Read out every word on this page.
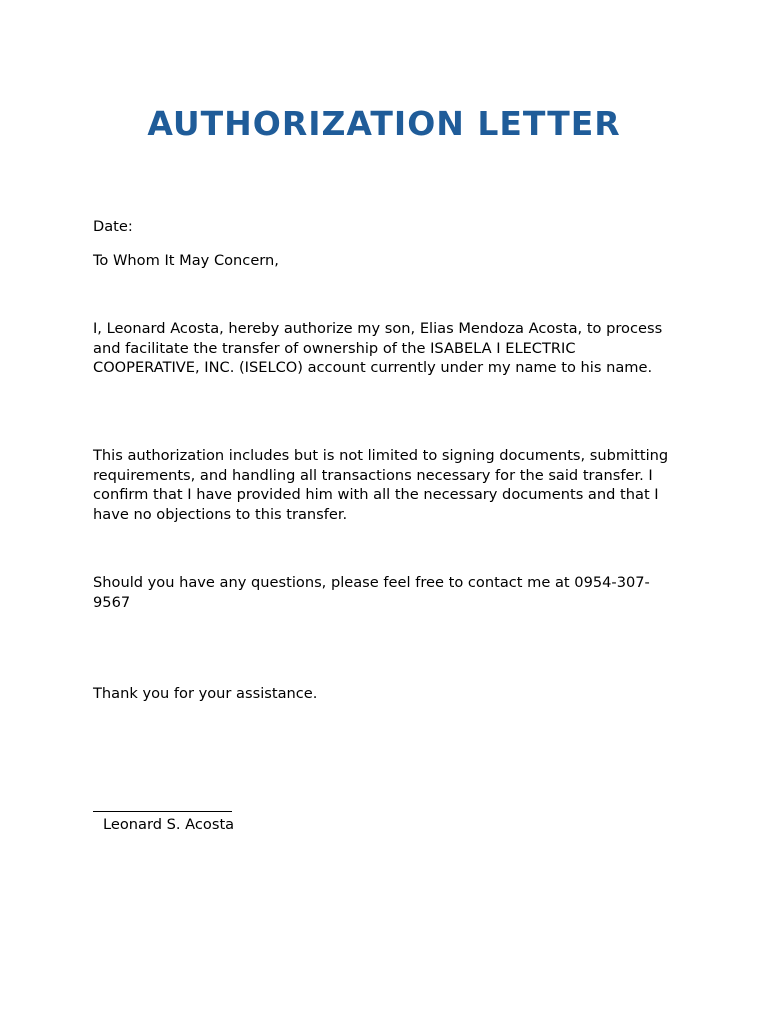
AUTHORIZATION LETTER
Date:
To Whom It May Concern,
I, Leonard Acosta, hereby authorize my son, Elias Mendoza Acosta, to process and facilitate the transfer of ownership of the ISABELA I ELECTRIC COOPERATIVE, INC. (ISELCO) account currently under my name to his name.
This authorization includes but is not limited to signing documents, submitting requirements, and handling all transactions necessary for the said transfer. I confirm that I have provided him with all the necessary documents and that I have no objections to this transfer.
Should you have any questions, please feel free to contact me at 0954-307-9567
Thank you for your assistance.
Leonard S. Acosta
